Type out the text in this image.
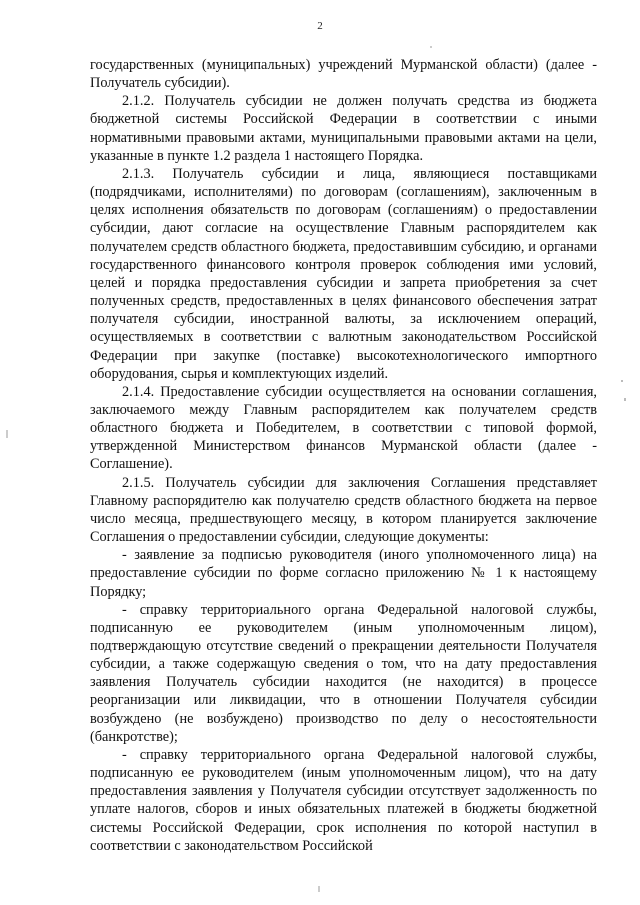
2

государственных (муниципальных) учреждений Мурманской области) (далее - Получатель субсидии).

2.1.2. Получатель субсидии не должен получать средства из бюджета бюджетной системы Российской Федерации в соответствии с иными нормативными правовыми актами, муниципальными правовыми актами на цели, указанные в пункте 1.2 раздела 1 настоящего Порядка.

2.1.3. Получатель субсидии и лица, являющиеся поставщиками (подрядчиками, исполнителями) по договорам (соглашениям), заключенным в целях исполнения обязательств по договорам (соглашениям) о предоставлении субсидии, дают согласие на осуществление Главным распорядителем как получателем средств областного бюджета, предоставившим субсидию, и органами государственного финансового контроля проверок соблюдения ими условий, целей и порядка предоставления субсидии и запрета приобретения за счет полученных средств, предоставленных в целях финансового обеспечения затрат получателя субсидии, иностранной валюты, за исключением операций, осуществляемых в соответствии с валютным законодательством Российской Федерации при закупке (поставке) высокотехнологического импортного оборудования, сырья и комплектующих изделий.

2.1.4. Предоставление субсидии осуществляется на основании соглашения, заключаемого между Главным распорядителем как получателем средств областного бюджета и Победителем, в соответствии с типовой формой, утвержденной Министерством финансов Мурманской области (далее - Соглашение).

2.1.5. Получатель субсидии для заключения Соглашения представляет Главному распорядителю как получателю средств областного бюджета на первое число месяца, предшествующего месяцу, в котором планируется заключение Соглашения о предоставлении субсидии, следующие документы:

- заявление за подписью руководителя (иного уполномоченного лица) на предоставление субсидии по форме согласно приложению № 1 к настоящему Порядку;

- справку территориального органа Федеральной налоговой службы, подписанную ее руководителем (иным уполномоченным лицом), подтверждающую отсутствие сведений о прекращении деятельности Получателя субсидии, а также содержащую сведения о том, что на дату предоставления заявления Получатель субсидии находится (не находится) в процессе реорганизации или ликвидации, что в отношении Получателя субсидии возбуждено (не возбуждено) производство по делу о несостоятельности (банкротстве);

- справку территориального органа Федеральной налоговой службы, подписанную ее руководителем (иным уполномоченным лицом), что на дату предоставления заявления у Получателя субсидии отсутствует задолженность по уплате налогов, сборов и иных обязательных платежей в бюджеты бюджетной системы Российской Федерации, срок исполнения по которой наступил в соответствии с законодательством Российской
